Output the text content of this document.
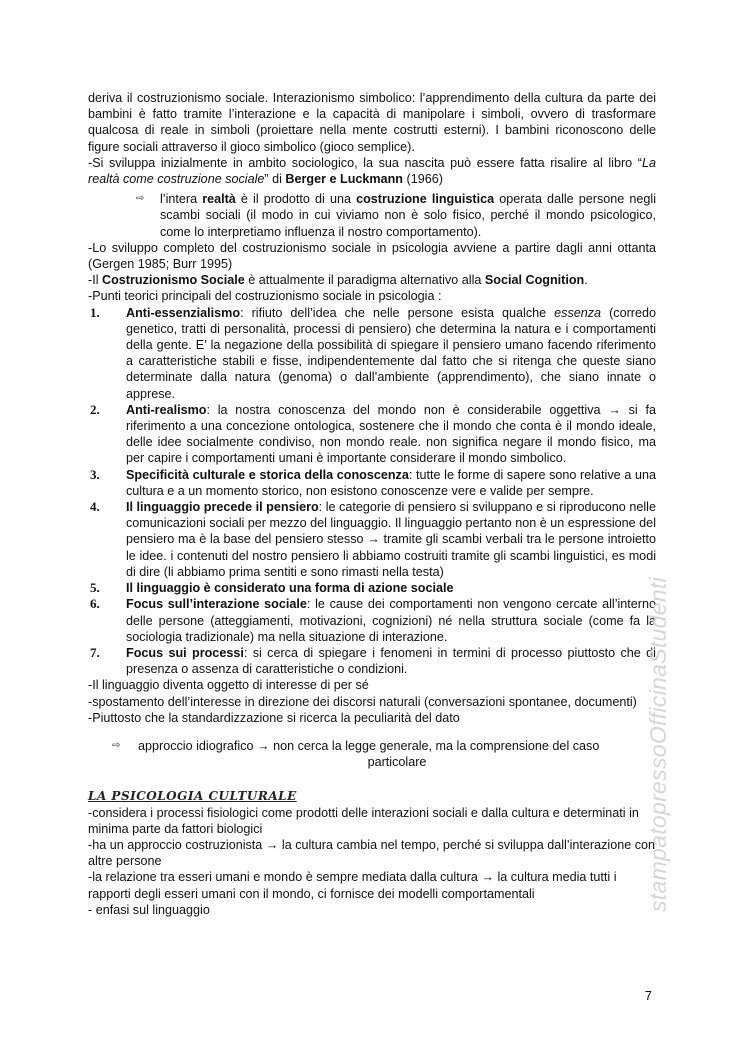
deriva il costruzionismo sociale. Interazionismo simbolico: l’apprendimento della cultura da parte dei bambini è fatto tramite l’interazione e la capacità di manipolare i simboli, ovvero di trasformare qualcosa di reale in simboli (proiettare nella mente costrutti esterni). I bambini riconoscono delle figure sociali attraverso il gioco simbolico (gioco semplice).

-Si sviluppa inizialmente in ambito sociologico, la sua nascita può essere fatta risalire al libro “La realtà come costruzione sociale” di Berger e Luckmann (1966)

⇨	l’intera realtà è il prodotto di una costruzione linguistica operata dalle persone negli scambi sociali (il modo in cui viviamo non è solo fisico, perché il mondo psicologico, come lo interpretiamo influenza il nostro comportamento).

-Lo sviluppo completo del costruzionismo sociale in psicologia avviene a partire dagli anni ottanta (Gergen 1985; Burr 1995)

-Il Costruzionismo Sociale è attualmente il paradigma alternativo alla Social Cognition.

-Punti teorici principali del costruzionismo sociale in psicologia :

1.	Anti-essenzialismo: rifiuto dell’idea che nelle persone esista qualche essenza (corredo genetico, tratti di personalità, processi di pensiero) che determina la natura e i comportamenti della gente. E’ la negazione della possibilità di spiegare il pensiero umano facendo riferimento a caratteristiche stabili e fisse, indipendentemente dal fatto che si ritenga che queste siano determinate dalla natura (genoma) o dall’ambiente (apprendimento), che siano innate o apprese.
2.	Anti-realismo: la nostra conoscenza del mondo non è considerabile oggettiva → si fa riferimento a una concezione ontologica, sostenere che il mondo che conta è il mondo ideale, delle idee socialmente condiviso, non mondo reale. non significa negare il mondo fisico, ma per capire i comportamenti umani è importante considerare il mondo simbolico.
3.	Specificità culturale e storica della conoscenza: tutte le forme di sapere sono relative a una cultura e a un momento storico, non esistono conoscenze vere e valide per sempre.
4.	Il linguaggio precede il pensiero: le categorie di pensiero si sviluppano e si riproducono nelle comunicazioni sociali per mezzo del linguaggio. Il linguaggio pertanto non è un espressione del pensiero ma è la base del pensiero stesso → tramite gli scambi verbali tra le persone introietto le idee. i contenuti del nostro pensiero li abbiamo costruiti tramite gli scambi linguistici, es modi di dire (li abbiamo prima sentiti e sono rimasti nella testa)
5.	Il linguaggio è considerato una forma di azione sociale
6.	Focus sull’interazione sociale: le cause dei comportamenti non vengono cercate all’interno delle persone (atteggiamenti, motivazioni, cognizioni) né nella struttura sociale (come fa la sociologia tradizionale) ma nella situazione di interazione.
7.	Focus sui processi: si cerca di spiegare i fenomeni in termini di processo piuttosto che di presenza o assenza di caratteristiche o condizioni.

-Il linguaggio diventa oggetto di interesse di per sé

-spostamento dell’interesse in direzione dei discorsi naturali (conversazioni spontanee, documenti)

-Piuttosto che la standardizzazione si ricerca la peculiarità del dato

⇨	approccio idiografico → non cerca la legge generale, ma la comprensione del caso
particolare
LA PSICOLOGIA CULTURALE

-considera i processi fisiologici come prodotti delle interazioni sociali e dalla cultura e determinati in minima parte da fattori biologici

-ha un approccio costruzionista → la cultura cambia nel tempo, perché si sviluppa dall’interazione con altre persone

-la relazione tra esseri umani e mondo è sempre mediata dalla cultura → la cultura media tutti i rapporti degli esseri umani con il mondo, ci fornisce dei modelli comportamentali

- enfasi sul linguaggio	stampatopressoOfficinaStudenti
7
